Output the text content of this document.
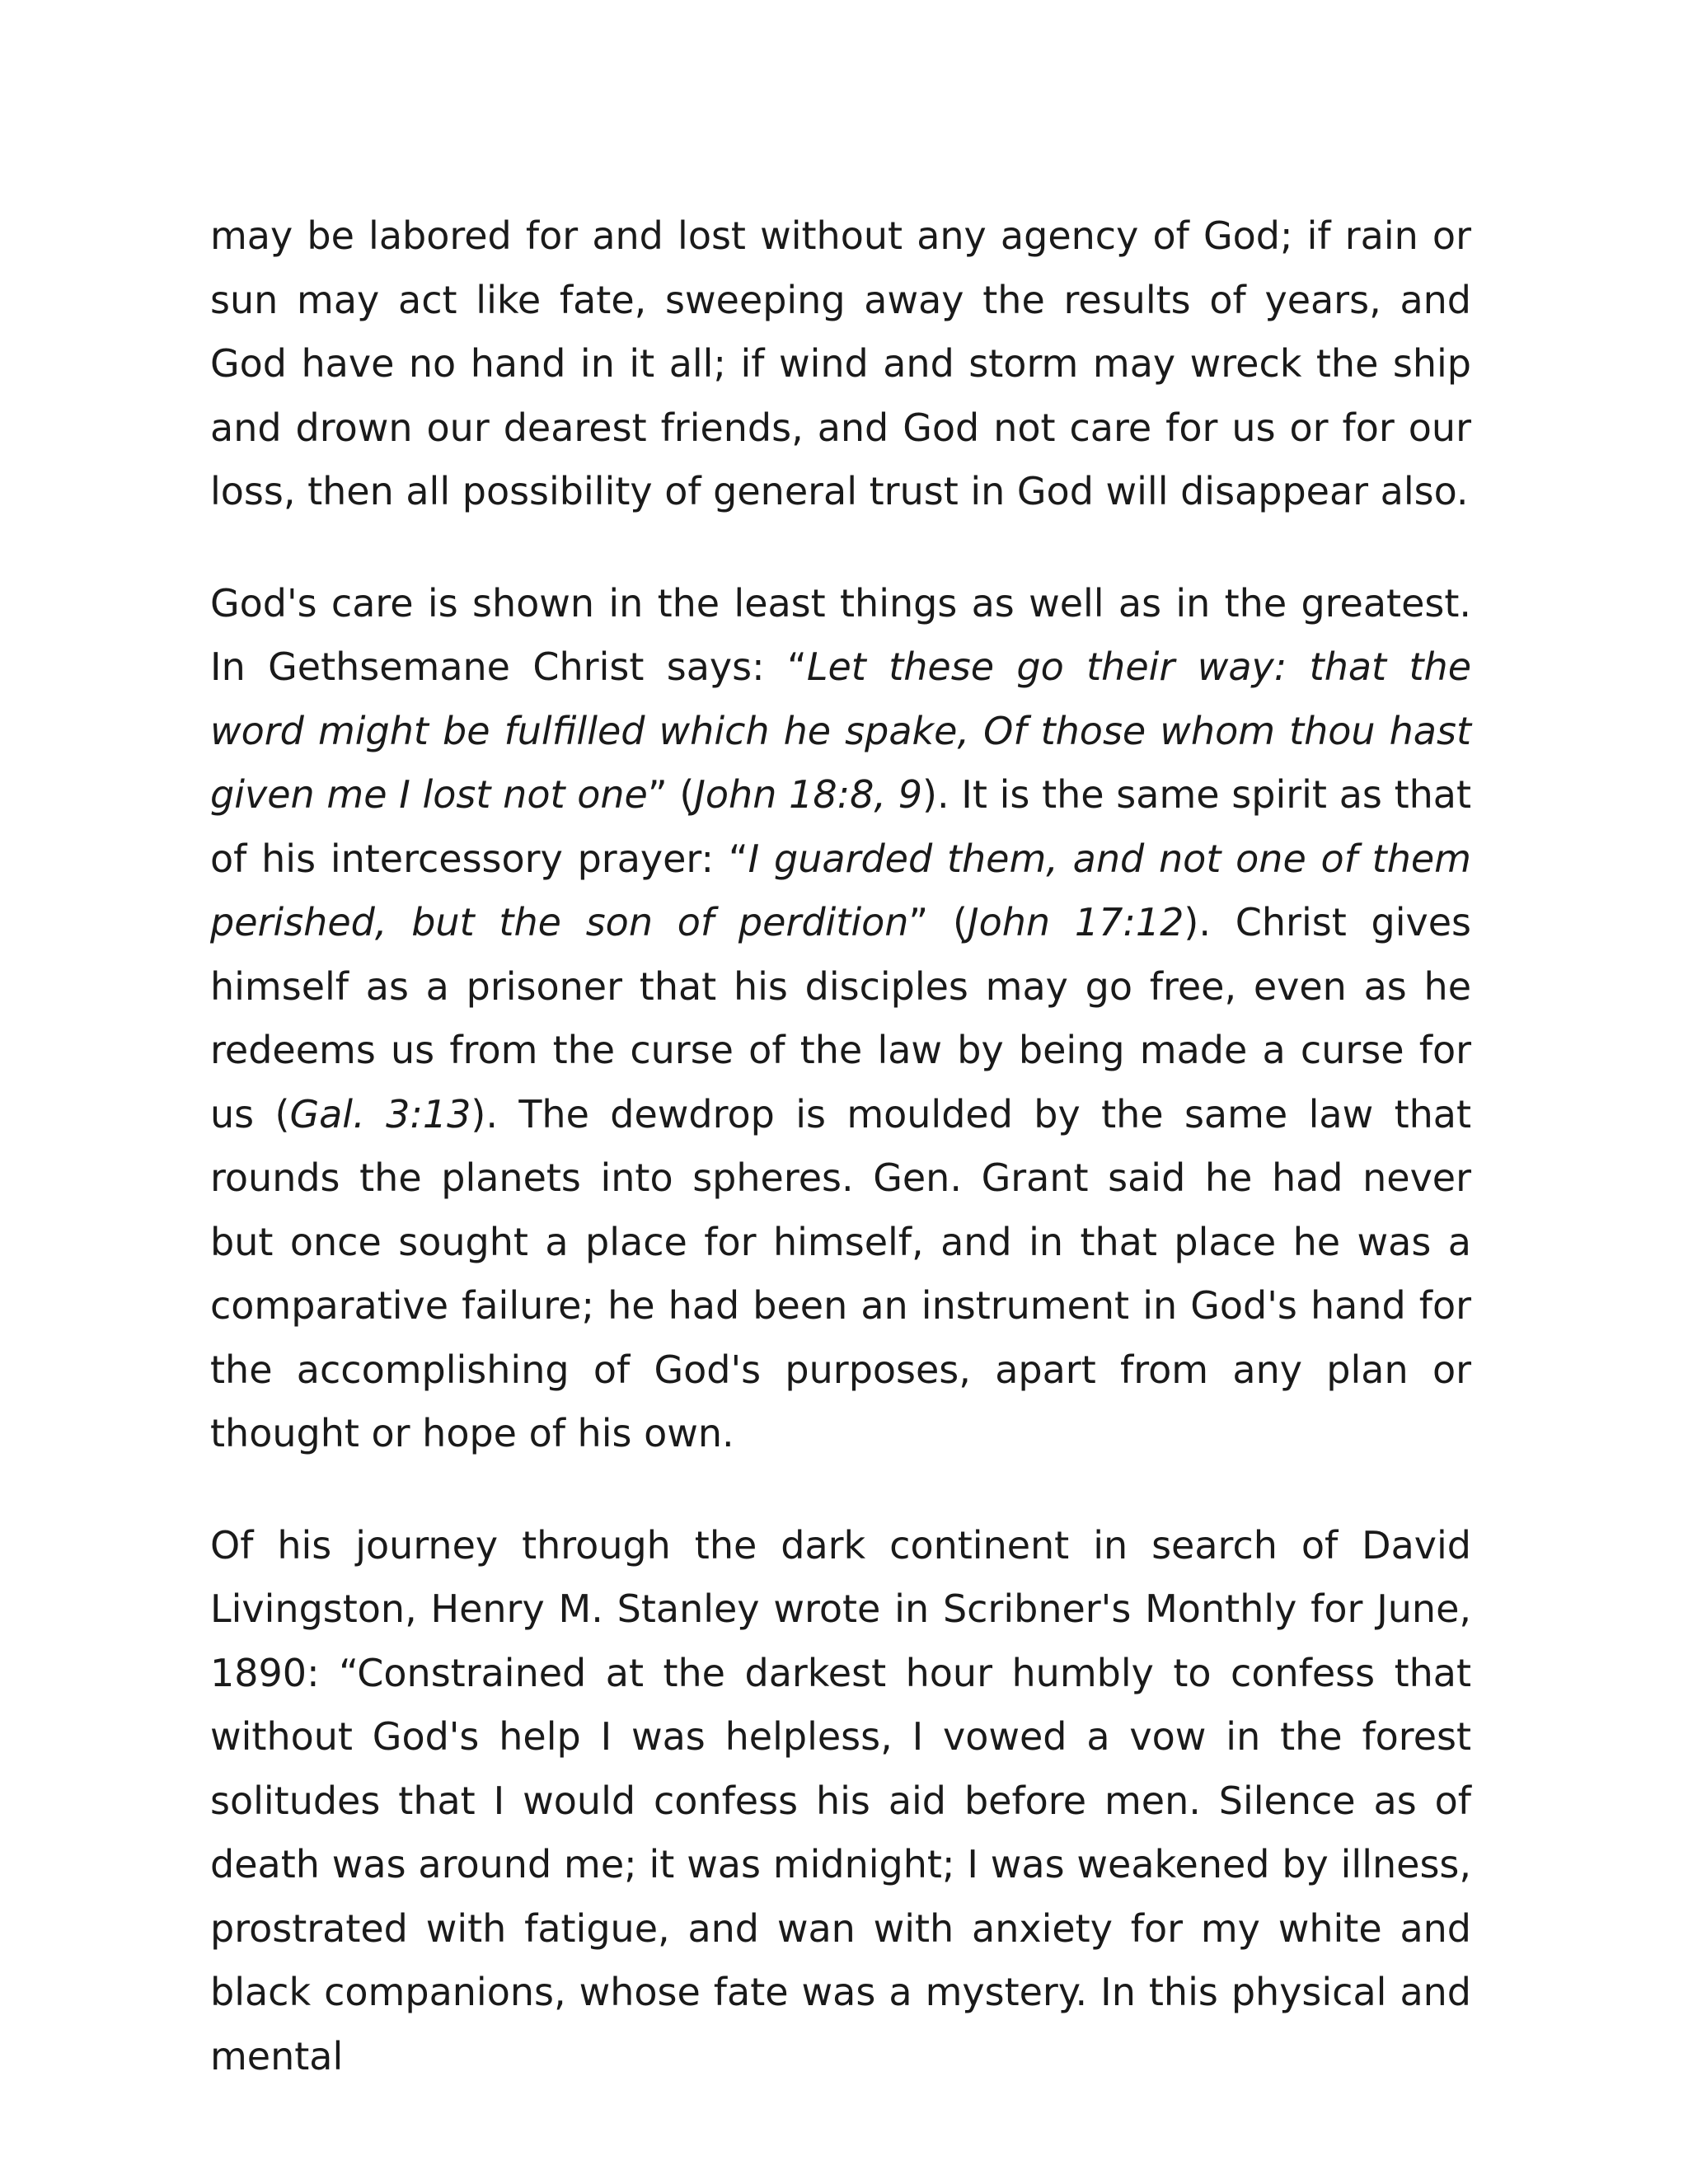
may be labored for and lost without any agency of God; if rain or sun may act like fate, sweeping away the results of years, and God have no hand in it all; if wind and storm may wreck the ship and drown our dearest friends, and God not care for us or for our loss, then all possibility of general trust in God will disappear also.

God's care is shown in the least things as well as in the greatest. In Gethsemane Christ says: “Let these go their way: that the word might be fulfilled which he spake, Of those whom thou hast given me I lost not one” (John 18:8, 9). It is the same spirit as that of his intercessory prayer: “I guarded them, and not one of them perished, but the son of perdition” (John 17:12). Christ gives himself as a prisoner that his disciples may go free, even as he redeems us from the curse of the law by being made a curse for us (Gal. 3:13). The dewdrop is moulded by the same law that rounds the planets into spheres. Gen. Grant said he had never but once sought a place for himself, and in that place he was a comparative failure; he had been an instrument in God's hand for the accomplishing of God's purposes, apart from any plan or thought or hope of his own.

Of his journey through the dark continent in search of David Livingston, Henry M. Stanley wrote in Scribner's Monthly for June, 1890: “Constrained at the darkest hour humbly to confess that without God's help I was helpless, I vowed a vow in the forest solitudes that I would confess his aid before men. Silence as of death was around me; it was midnight; I was weakened by illness, prostrated with fatigue, and wan with anxiety for my white and black companions, whose fate was a mystery. In this physical and mental
